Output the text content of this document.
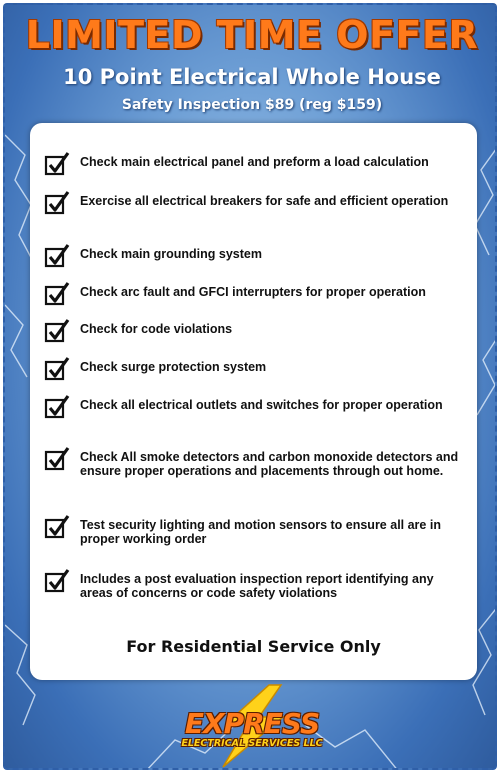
LIMITED TIME OFFER
10 Point Electrical Whole House
Safety Inspection $89 (reg $159)
Check main electrical panel and preform a load calculation
Exercise all electrical breakers for safe and efficient operation
Check main grounding system
Check arc fault and GFCI interrupters for proper operation
Check for code violations
Check surge protection system
Check all electrical outlets and switches for proper operation
Check All smoke detectors and carbon monoxide detectors and ensure proper operations and placements through out home.
Test security lighting and motion sensors to ensure all are in proper working order
Includes a post evaluation inspection report identifying any areas of concerns or code safety violations
For Residential Service Only
EXPRESS
ELECTRICAL SERVICES LLC
